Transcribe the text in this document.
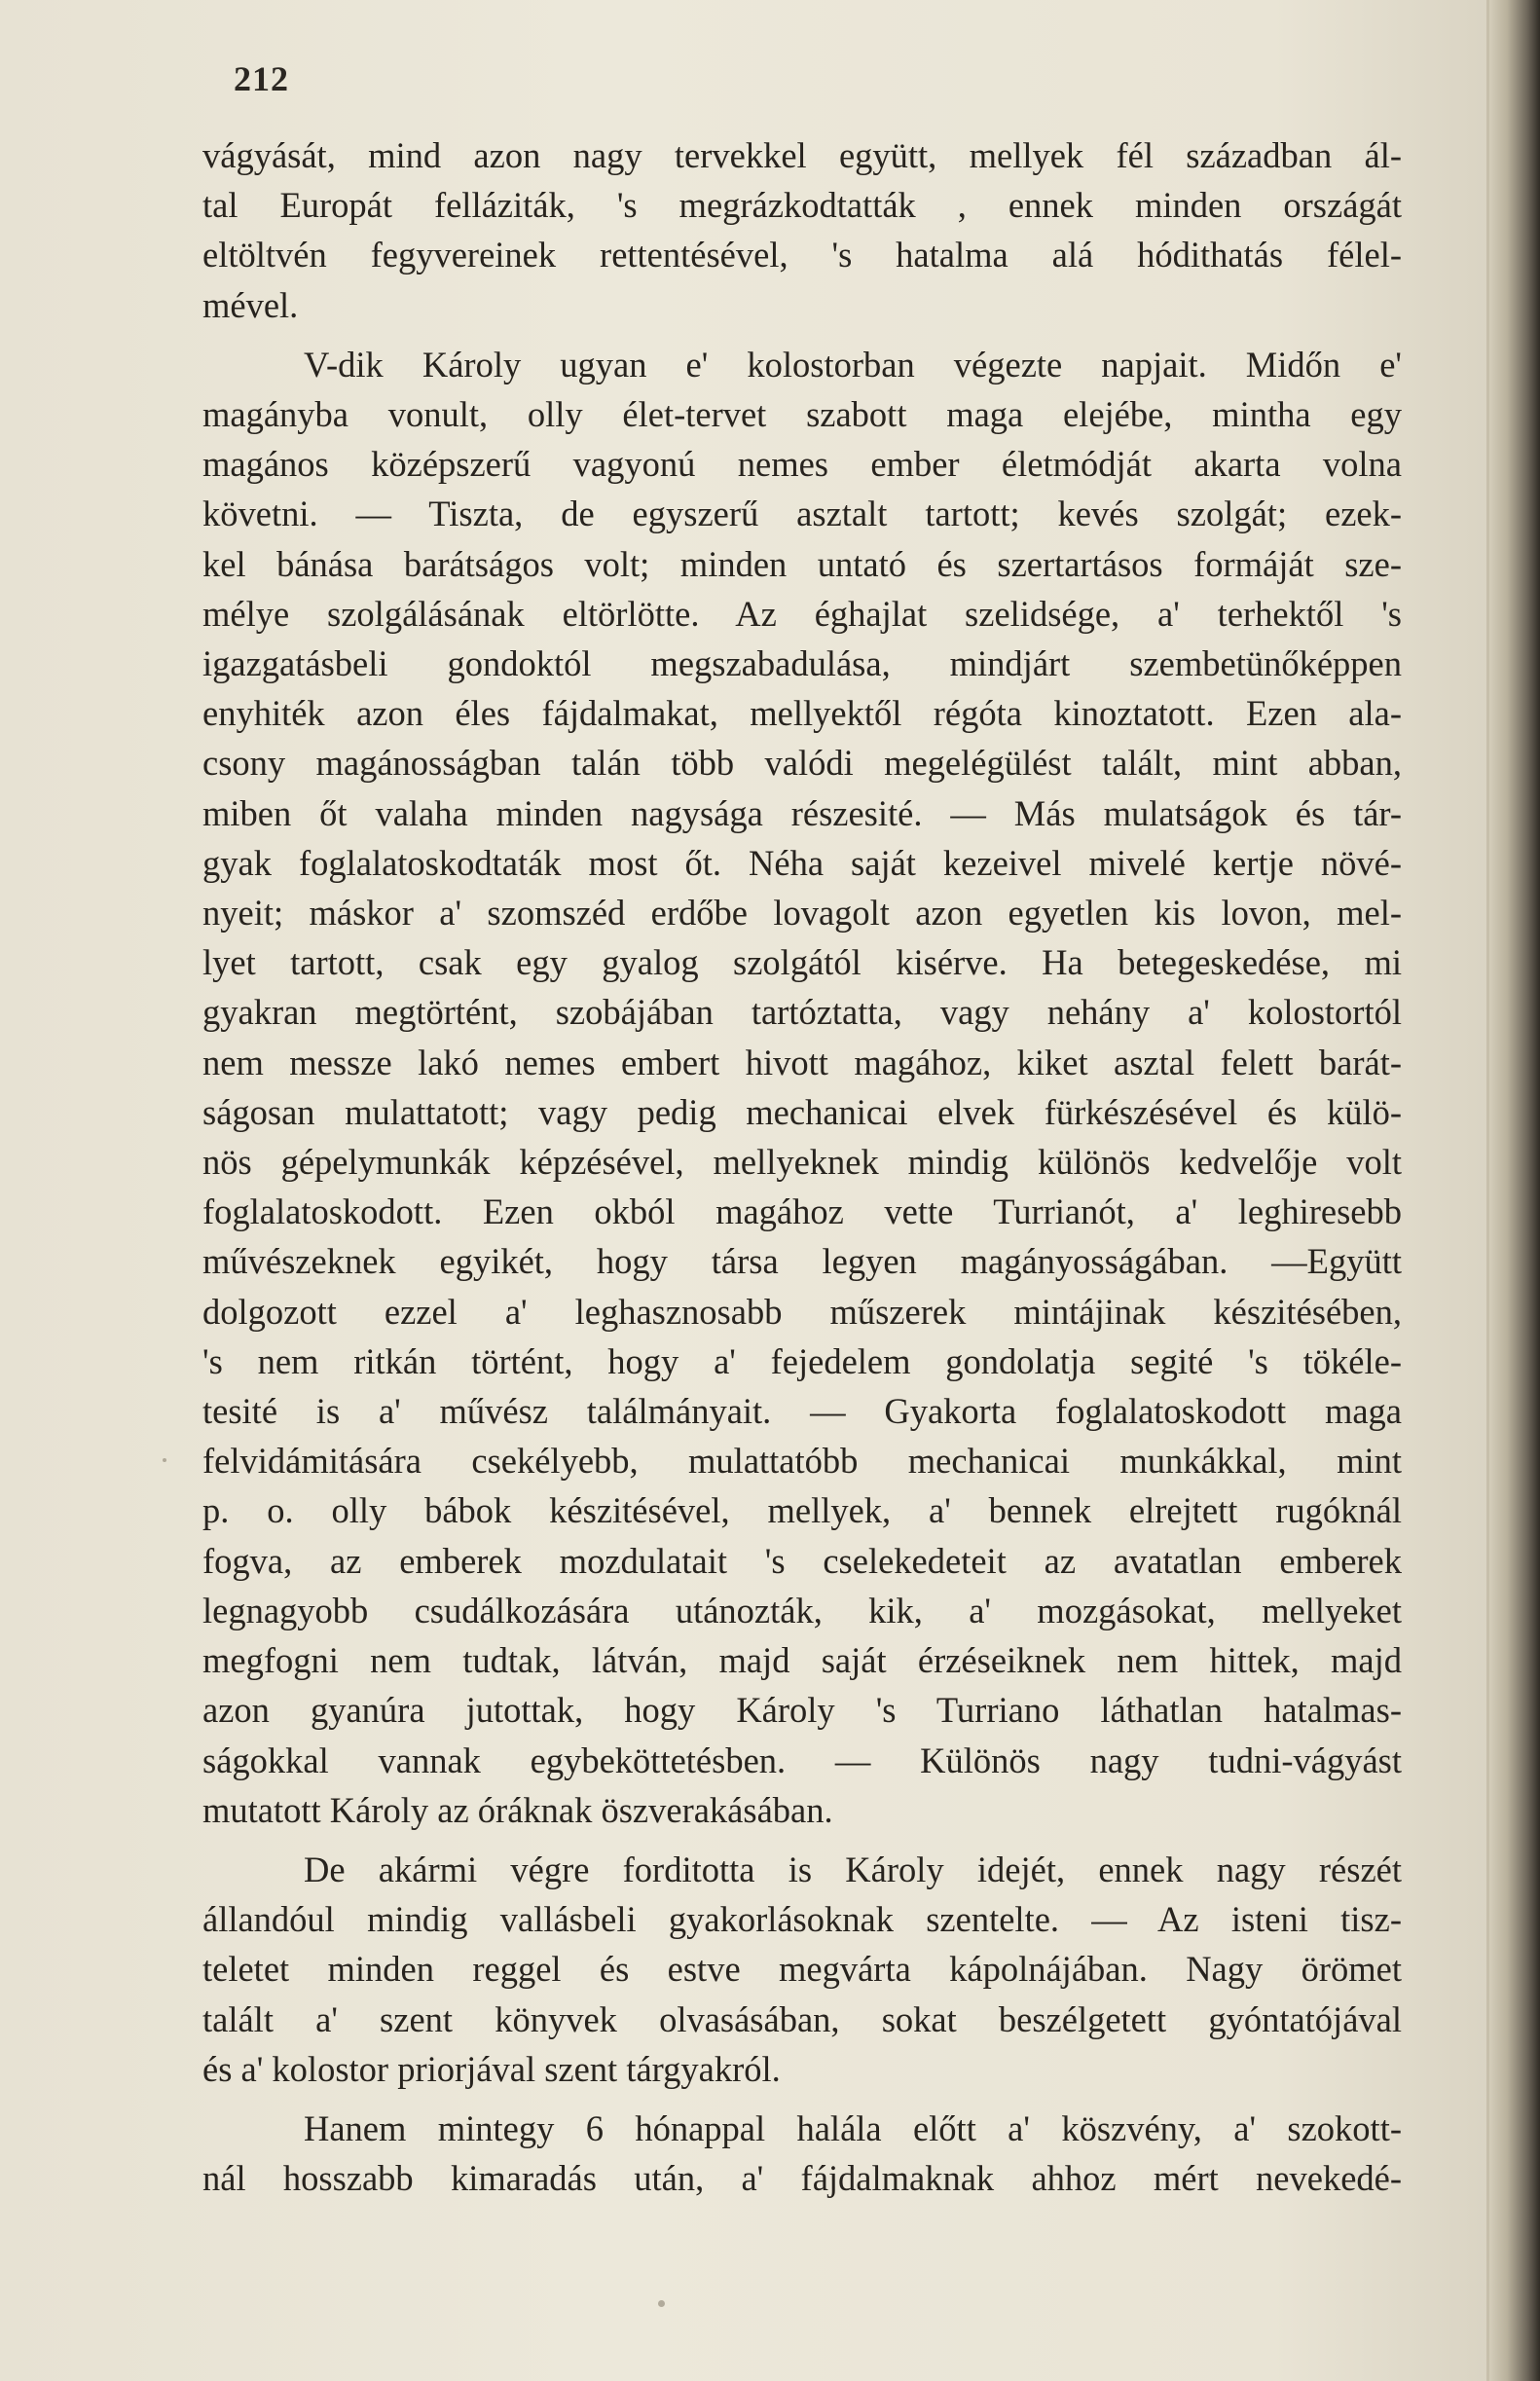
212
vágyását, mind azon nagy tervekkel együtt, mellyek fél században ál-
tal Europát felláziták, 's megrázkodtatták , ennek minden országát
eltöltvén fegyvereinek rettentésével, 's hatalma alá hódithatás félel-
mével.
V-dik Károly ugyan e' kolostorban végezte napjait. Midőn e'
magányba vonult, olly élet-tervet szabott maga elejébe, mintha egy
magános középszerű vagyonú nemes ember életmódját akarta volna
követni. — Tiszta, de egyszerű asztalt tartott; kevés szolgát; ezek-
kel bánása barátságos volt; minden untató és szertartásos formáját sze-
mélye szolgálásának eltörlötte. Az éghajlat szelidsége, a' terhektől 's
igazgatásbeli gondoktól megszabadulása, mindjárt szembetünőképpen
enyhiték azon éles fájdalmakat, mellyektől régóta kinoztatott. Ezen ala-
csony magánosságban talán több valódi megelégülést talált, mint abban,
miben őt valaha minden nagysága részesité. — Más mulatságok és tár-
gyak foglalatoskodtaták most őt. Néha saját kezeivel mivelé kertje növé-
nyeit; máskor a' szomszéd erdőbe lovagolt azon egyetlen kis lovon, mel-
lyet tartott, csak egy gyalog szolgától kisérve. Ha betegeskedése, mi
gyakran megtörtént, szobájában tartóztatta, vagy nehány a' kolostortól
nem messze lakó nemes embert hivott magához, kiket asztal felett barát-
ságosan mulattatott; vagy pedig mechanicai elvek fürkészésével és külö-
nös gépelymunkák képzésével, mellyeknek mindig különös kedvelője volt
foglalatoskodott. Ezen okból magához vette Turrianót, a' leghiresebb
művészeknek egyikét, hogy társa legyen magányosságában. —Együtt
dolgozott ezzel a' leghasznosabb műszerek mintájinak készitésében,
's nem ritkán történt, hogy a' fejedelem gondolatja segité 's tökéle-
tesité is a' művész találmányait. — Gyakorta foglalatoskodott maga
felvidámitására csekélyebb, mulattatóbb mechanicai munkákkal, mint
p. o. olly bábok készitésével, mellyek, a' bennek elrejtett rugóknál
fogva, az emberek mozdulatait 's cselekedeteit az avatatlan emberek
legnagyobb csudálkozására utánozták, kik, a' mozgásokat, mellyeket
megfogni nem tudtak, látván, majd saját érzéseiknek nem hittek, majd
azon gyanúra jutottak, hogy Károly 's Turriano láthatlan hatalmas-
ságokkal vannak egybeköttetésben. — Különös nagy tudni-vágyást
mutatott Károly az óráknak öszverakásában.
De akármi végre forditotta is Károly idejét, ennek nagy részét
állandóul mindig vallásbeli gyakorlásoknak szentelte. — Az isteni tisz-
teletet minden reggel és estve megvárta kápolnájában. Nagy örömet
talált a' szent könyvek olvasásában, sokat beszélgetett gyóntatójával
és a' kolostor priorjával szent tárgyakról.
Hanem mintegy 6 hónappal halála előtt a' köszvény, a' szokott-
nál hosszabb kimaradás után, a' fájdalmaknak ahhoz mért nevekedé-
